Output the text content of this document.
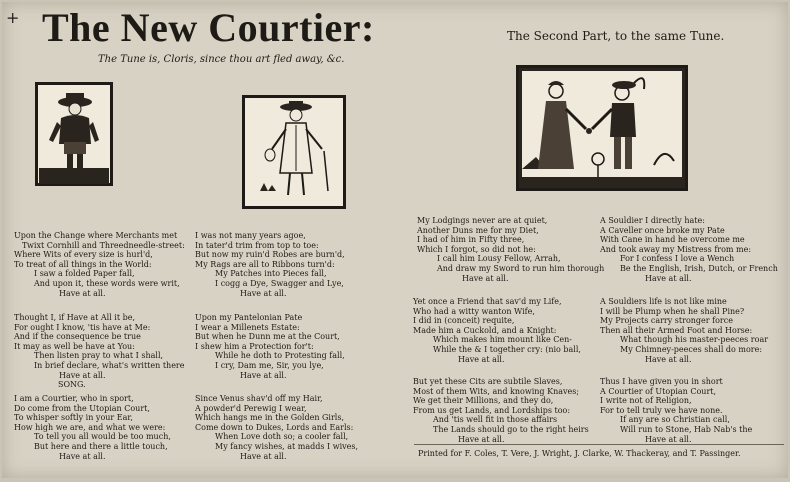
+ The New Courtier:
The Tune is, Cloris, since thou art fled away, &c.
The Second Part, to the same Tune.
Upon the Change where Merchants met
Twixt Cornhill and Threedneedle-street:
Where Wits of every size is hurl'd,
To treat of all things in the World:
I saw a folded Paper fall,
And upon it, these words were writ,
Have at all.
I was not many years agoe,
In tater'd trim from top to toe:
But now my ruin'd Robes are burn'd,
My Rags are all to Ribbons turn'd:
My Patches into Pieces fall,
I cogg a Dye, Swagger and Lye,
Have at all.
Thought I, if Have at All it be,
For ought I know, 'tis have at Me:
And if the consequence be true
It may as well be have at You:
Then listen pray to what I shall,
In brief declare, what's written there
Have at all.
SONG.
Upon my Pantelonian Pate
I wear a Millenets Estate:
But when he Dunn me at the Court,
I shew him a Protection for't:
While he doth to Protesting fall,
I cry, Dam me, Sir, you lye,
Have at all.
I am a Courtier, who in sport,
Do come from the Utopian Court,
To whisper softly in your Ear,
How high we are, and what we were:
To tell you all would be too much,
But here and there a little touch,
Have at all.
Since Venus shav'd off my Hair,
A powder'd Perewig I wear,
Which hangs me in the Golden Girls,
Come down to Dukes, Lords and Earls:
When Love doth so; a cooler fall,
My fancy wishes, at madds I wives,
Have at all.
My Lodgings never are at quiet,
Another Duns me for my Diet,
I had of him in Fifty three,
Which I forgot, so did not he:
I call him Lousy Fellow, Arrah,
And draw my Sword to run him thorough
Have at all.
A Souldier I directly hate:
A Caveller once broke my Pate
With Cane in hand he overcome me
And took away my Mistress from me:
For I confess I love a Wench
Be the English, Irish, Dutch, or French
Have at all.
Yet once a Friend that sav'd my Life,
Who had a witty wanton Wife,
I did in (conceit) requite,
Made him a Cuckold, and a Knight:
Which makes him mount like Cen-
While the & I together cry: (nio ball,
Have at all.
A Souldiers life is not like mine
I will be Plump when he shall Pine?
My Projects carry stronger force
Then all their Armed Foot and Horse:
What though his master-peeces roar
My Chimney-peeces shall do more:
Have at all.
But yet these Cits are subtile Slaves,
Most of them Wits, and knowing Knaves;
We get their Millions, and they do,
From us get Lands, and Lordships too:
And 'tis well fit in those affairs
The Lands should go to the right heirs
Have at all.
Thus I have given you in short
A Courtier of Utopian Court,
I write not of Religion,
For to tell truly we have none.
If any are so Christian call,
Will run to Stone, Hab Nab's the
Have at all.
Printed for F. Coles, T. Vere, J. Wright, J. Clarke, W. Thackeray, and T. Passinger.
